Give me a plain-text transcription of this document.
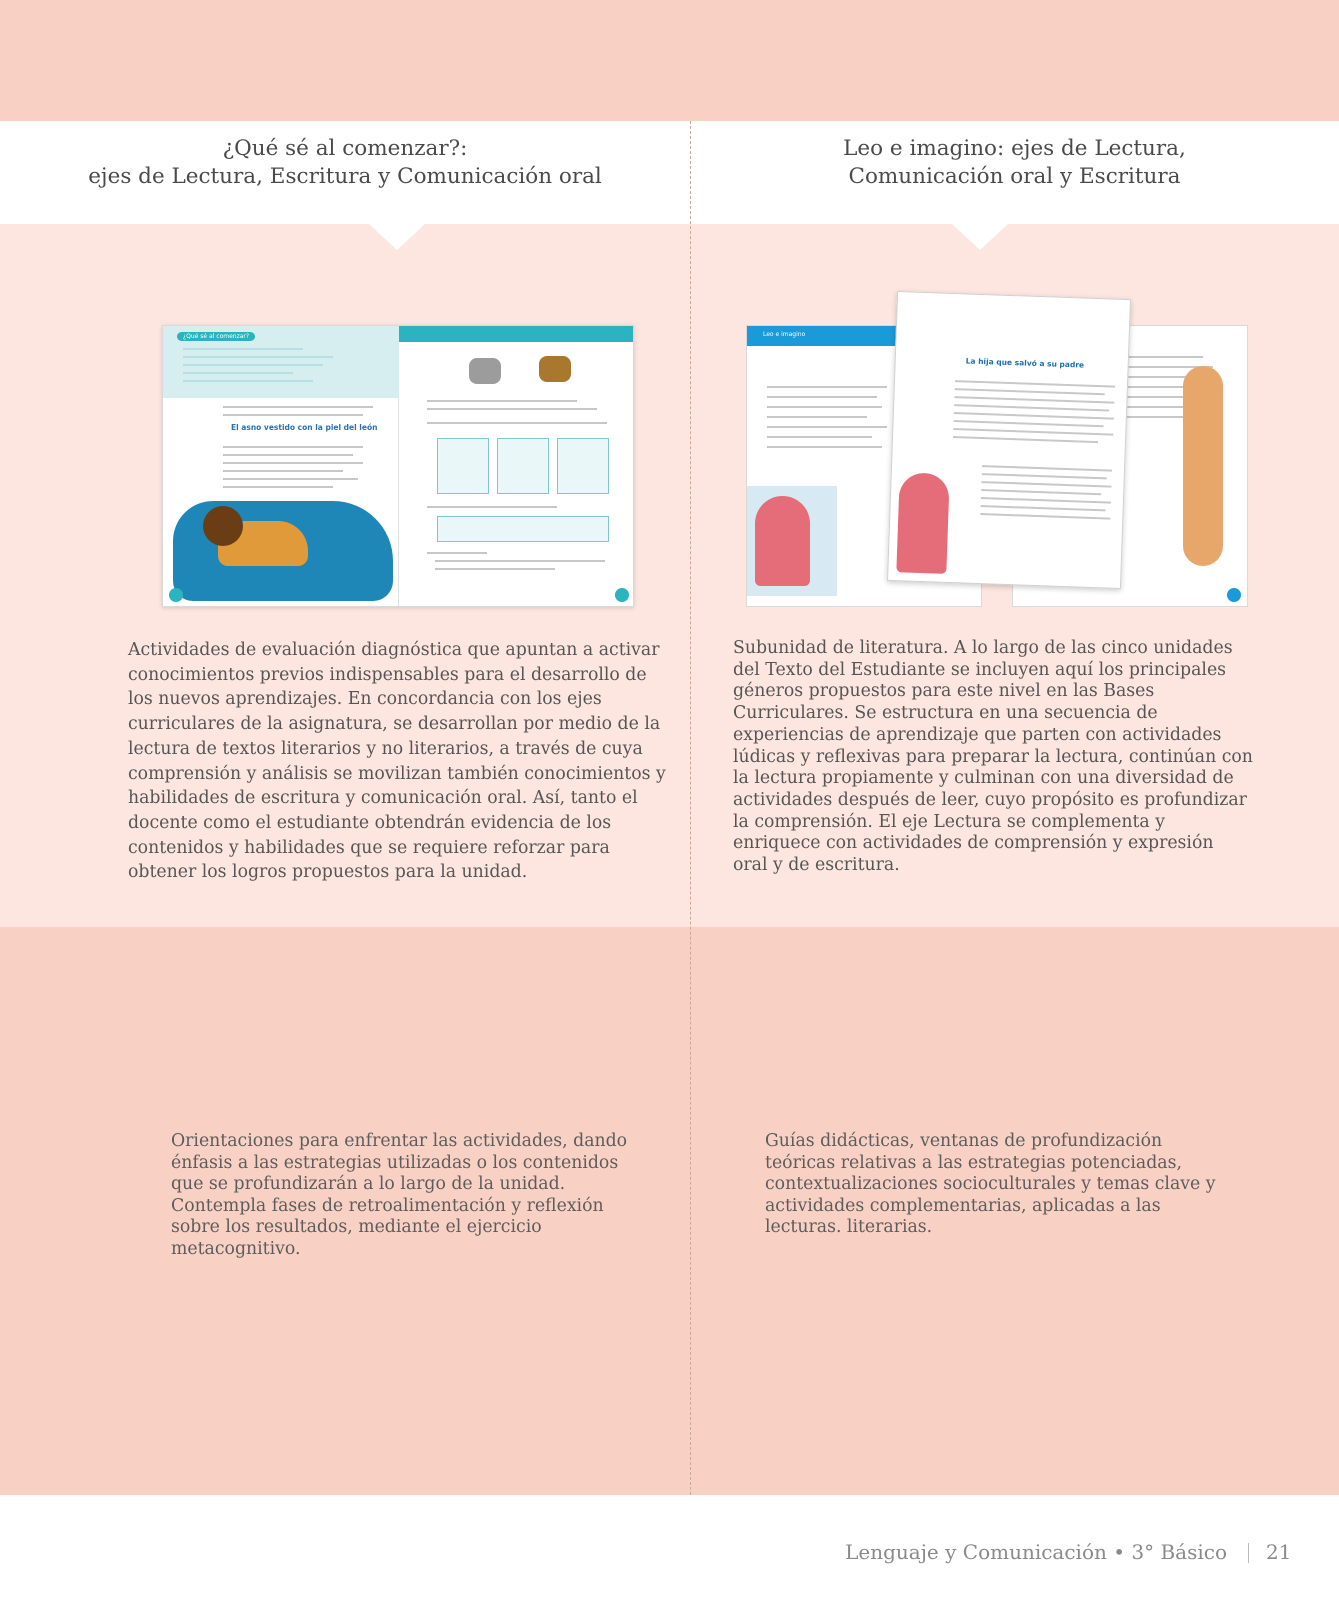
¿Qué sé al comenzar?:
ejes de Lectura, Escritura y Comunicación oral
Leo e imagino: ejes de Lectura,
Comunicación oral y Escritura
¿Qué sé al comenzar?
El asno vestido con la piel del león
Leo e imagino
La hija que salvó a su padre

Actividades de evaluación diagnóstica que apuntan a activar conocimientos previos indispensables para el desarrollo de los nuevos aprendizajes. En concordancia con los ejes curriculares de la asignatura, se desarrollan por medio de la lectura de textos literarios y no literarios, a través de cuya comprensión y análisis se movilizan también conocimientos y habilidades de escritura y comunicación oral. Así, tanto el docente como el estudiante obtendrán evidencia de los contenidos y habilidades que se requiere reforzar para obtener los logros propuestos para la unidad.

Subunidad de literatura. A lo largo de las cinco unidades del Texto del Estudiante se incluyen aquí los principales géneros propuestos para este nivel en las Bases Curriculares. Se estructura en una secuencia de experiencias de aprendizaje que parten con actividades lúdicas y reflexivas para preparar la lectura, continúan con la lectura propiamente y culminan con una diversidad de actividades después de leer, cuyo propósito es profundizar la comprensión. El eje Lectura se complementa y enriquece con actividades de comprensión y expresión oral y de escritura.

Orientaciones para enfrentar las actividades, dando énfasis a las estrategias utilizadas o los contenidos que se profundizarán a lo largo de la unidad. Contempla fases de retroalimentación y reflexión sobre los resultados, mediante el ejercicio metacognitivo.

Guías didácticas, ventanas de profundización teóricas relativas a las estrategias potenciadas, contextualizaciones socioculturales y temas clave y actividades complementarias, aplicadas a las lecturas. literarias.

Lenguaje y Comunicación • 3° Básico 21
